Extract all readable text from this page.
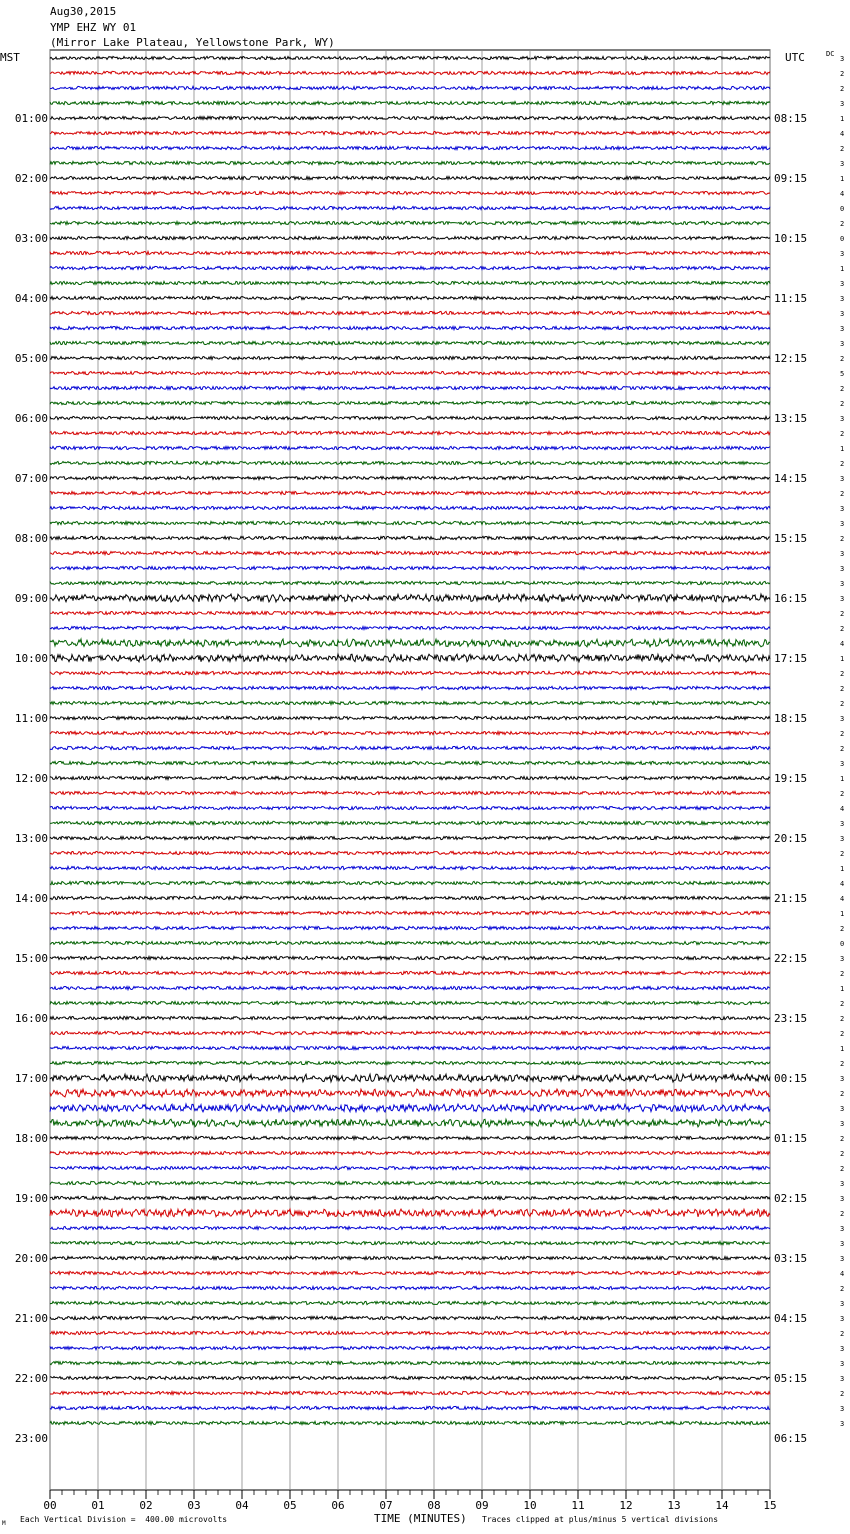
Aug30,2015
YMP EHZ WY 01
(Mirror Lake Plateau, Yellowstone Park, WY)
MST	UTC	DC
00	01	02	03	04	05	06	07	08	09	10	11	12	13	14	15
3
2
2
3
1
4
2
3
1
4
0
2
0
3
1
3
3
3
3
3
2
5
2
2
3
2
1
2
3
2
3
3
2
3
3
3
3
2
2
4
1
2
2
2
3
2
2
3
1
2
4
3
3
2
1
4
4
1
2
0
3
2
1
2
2
2
1
2
3
2
3
3
2
2
2
3
3
2
3
3
3
4
2
3
3
2
3
3
3
2
3
3
01:00	08:15
02:00	09:15
03:00	10:15
04:00	11:15
05:00	12:15
06:00	13:15
07:00	14:15
08:00	15:15
09:00	16:15
10:00	17:15
11:00	18:15
12:00	19:15
13:00	20:15
14:00	21:15
15:00	22:15
16:00	23:15
17:00	00:15
18:00	01:15
19:00	02:15
20:00	03:15
21:00	04:15
22:00	05:15
23:00	06:15
M Each Vertical Division =  400.00 microvolts	TIME (MINUTES) Traces clipped at plus/minus 5 vertical divisions
